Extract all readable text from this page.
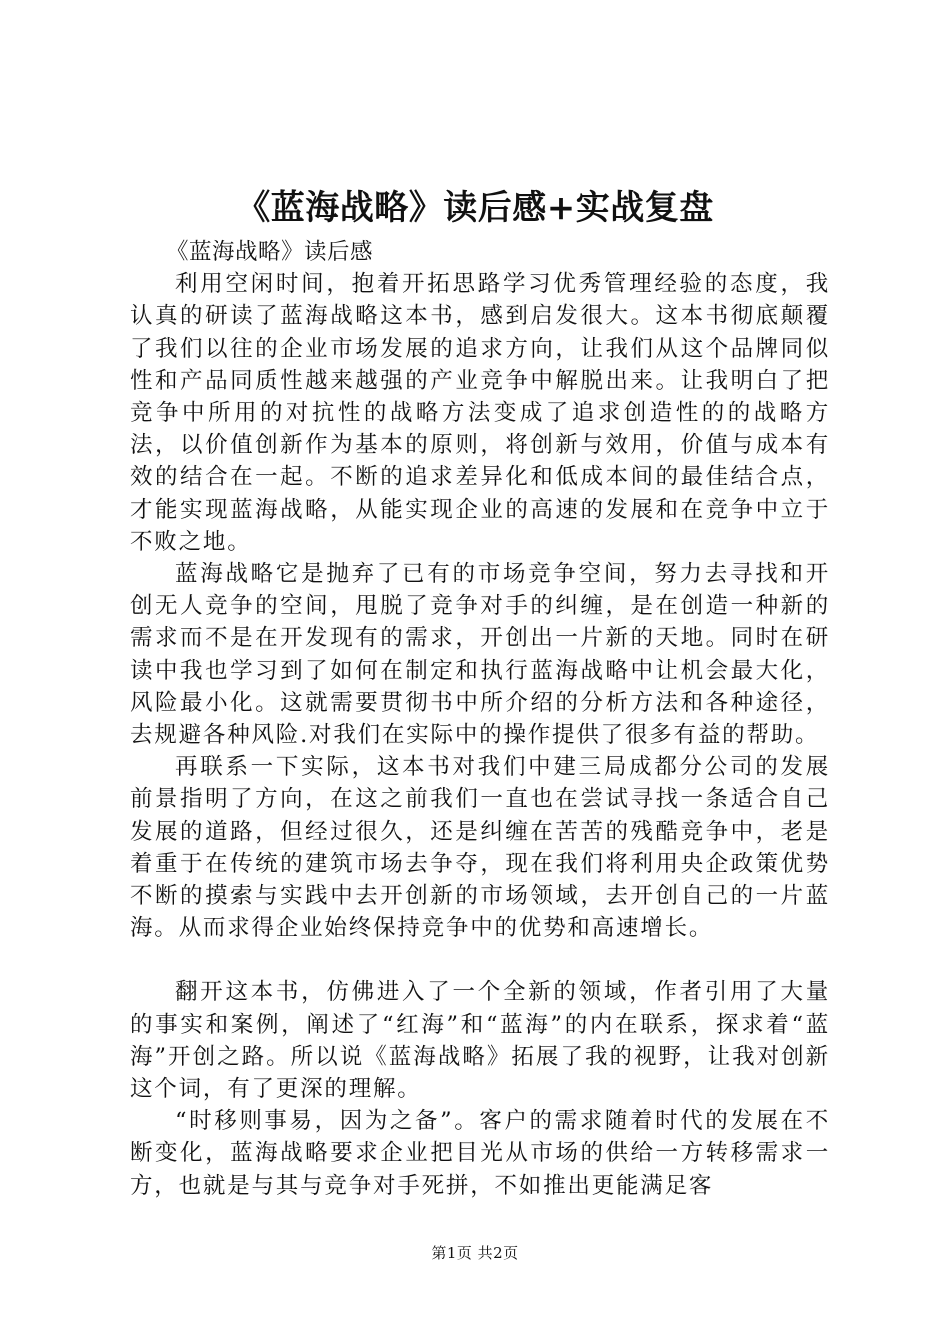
《蓝海战略》读后感+实战复盘

《蓝海战略》读后感

利用空闲时间，抱着开拓思路学习优秀管理经验的态度，我认真的研读了蓝海战略这本书，感到启发很大。这本书彻底颠覆了我们以往的企业市场发展的追求方向，让我们从这个品牌同似性和产品同质性越来越强的产业竞争中解脱出来。让我明白了把竞争中所用的对抗性的战略方法变成了追求创造性的的战略方法，以价值创新作为基本的原则，将创新与效用，价值与成本有效的结合在一起。不断的追求差异化和低成本间的最佳结合点，才能实现蓝海战略，从能实现企业的高速的发展和在竞争中立于不败之地。

蓝海战略它是抛弃了已有的市场竞争空间，努力去寻找和开创无人竞争的空间，甩脱了竞争对手的纠缠，是在创造一种新的需求而不是在开发现有的需求，开创出一片新的天地。同时在研读中我也学习到了如何在制定和执行蓝海战略中让机会最大化，风险最小化。这就需要贯彻书中所介绍的分析方法和各种途径，去规避各种风险.对我们在实际中的操作提供了很多有益的帮助。

再联系一下实际，这本书对我们中建三局成都分公司的发展前景指明了方向，在这之前我们一直也在尝试寻找一条适合自己发展的道路，但经过很久，还是纠缠在苦苦的残酷竞争中，老是着重于在传统的建筑市场去争夺，现在我们将利用央企政策优势不断的摸索与实践中去开创新的市场领域，去开创自己的一片蓝海。从而求得企业始终保持竞争中的优势和高速增长。

翻开这本书，仿佛进入了一个全新的领域，作者引用了大量的事实和案例，阐述了“红海”和“蓝海”的内在联系，探求着“蓝海”开创之路。所以说《蓝海战略》拓展了我的视野，让我对创新这个词，有了更深的理解。

“时移则事易，因为之备”。客户的需求随着时代的发展在不断变化，蓝海战略要求企业把目光从市场的供给一方转移需求一方，也就是与其与竞争对手死拼，不如推出更能满足客

第1页 共2页
